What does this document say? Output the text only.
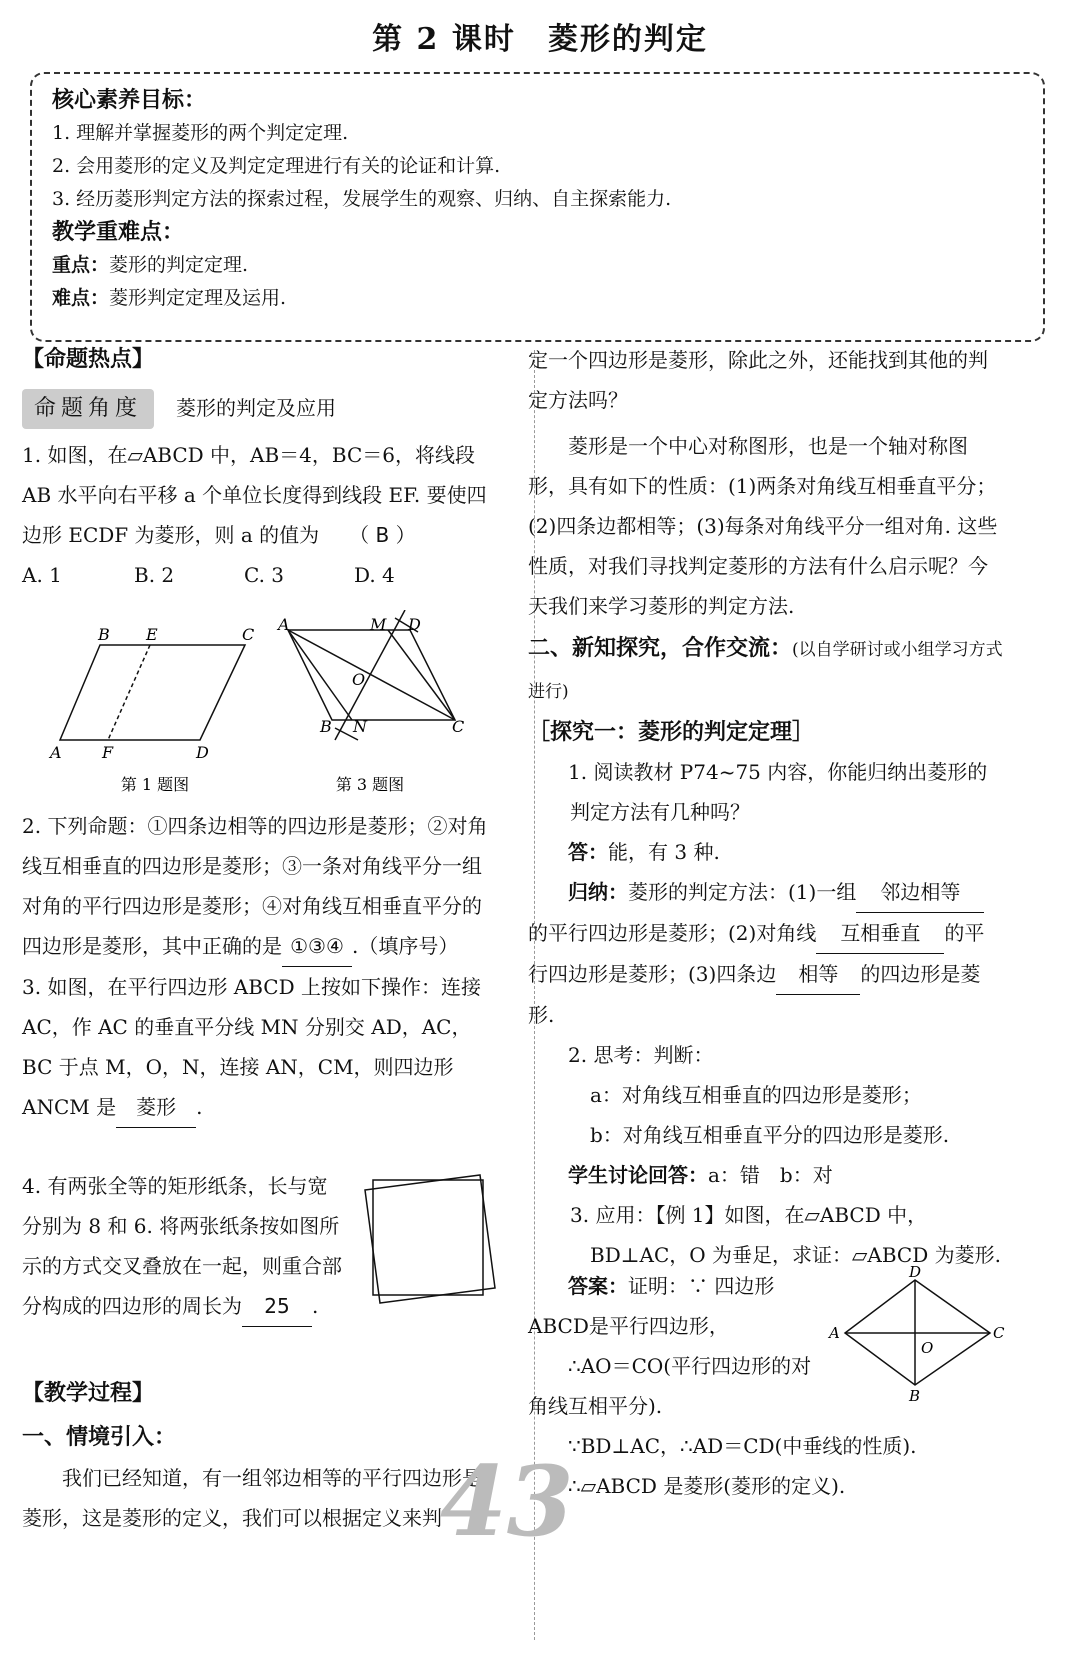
第 2 课时　菱形的判定

核心素养目标：

1. 理解并掌握菱形的两个判定定理.

2. 会用菱形的定义及判定定理进行有关的论证和计算.

3. 经历菱形判定方法的探索过程，发展学生的观察、归纳、自主探索能力.

教学重难点：

重点：菱形的判定定理.

难点：菱形判定定理及运用.

【命题热点】

命题角度 菱形的判定及应用

1. 如图，在▱ABCD 中，AB＝4，BC＝6，将线段 AB 水平向右平移 a 个单位长度得到线段 EF. 要使四边形 ECDF 为菱形，则 a 的值为　　 （ B ）

A. 1	B. 2	C. 3	D. 4

B E	C
A	F	D
A	M D
O
B N	C
第 1 题图	第 3 题图

2. 下列命题：①四条边相等的四边形是菱形；②对角线互相垂直的四边形是菱形；③一条对角线平分一组对角的平行四边形是菱形；④对角线互相垂直平分的四边形是菱形，其中正确的是 ①③④ .（填序号）

3. 如图，在平行四边形 ABCD 上按如下操作：连接 AC，作 AC 的垂直平分线 MN 分别交 AD，AC，BC 于点 M，O，N，连接 AN，CM，则四边形 ANCM 是 菱形 .

4. 有两张全等的矩形纸条，长与宽分别为 8 和 6. 将两张纸条按如图所示的方式交叉叠放在一起，则重合部分构成的四边形的周长为 25 .

【教学过程】

一、情境引入：

我们已经知道，有一组邻边相等的平行四边形是菱形，这是菱形的定义，我们可以根据定义来判

定一个四边形是菱形，除此之外，还能找到其他的判定方法吗？

菱形是一个中心对称图形，也是一个轴对称图形，具有如下的性质：(1)两条对角线互相垂直平分；(2)四条边都相等；(3)每条对角线平分一组对角. 这些性质，对我们寻找判定菱形的方法有什么启示呢？今天我们来学习菱形的判定方法.

二、新知探究，合作交流：(以自学研讨或小组学习方式进行)

［探究一：菱形的判定定理］

1. 阅读教材 P74~75 内容，你能归纳出菱形的判定方法有几种吗？

答：能，有 3 种.

归纳：菱形的判定方法：(1)一组 邻边相等的平行四边形是菱形；(2)对角线 互相垂直 的平行四边形是菱形；(3)四条边 相等 的四边形是菱形.

2. 思考：判断：

a：对角线互相垂直的四边形是菱形；

b：对角线互相垂直平分的四边形是菱形.

学生讨论回答：a：错　b：对

3. 应用：【例 1】如图，在▱ABCD 中，BD⊥AC，O 为垂足，求证：▱ABCD 为菱形.

答案：证明：∵ 四边形 ABCD是平行四边形，

∴AO＝CO(平行四边形的对角线互相平分).

∵BD⊥AC，∴AD＝CD(中垂线的性质).

∴▱ABCD 是菱形(菱形的定义).

D
A	C
O
B
43
